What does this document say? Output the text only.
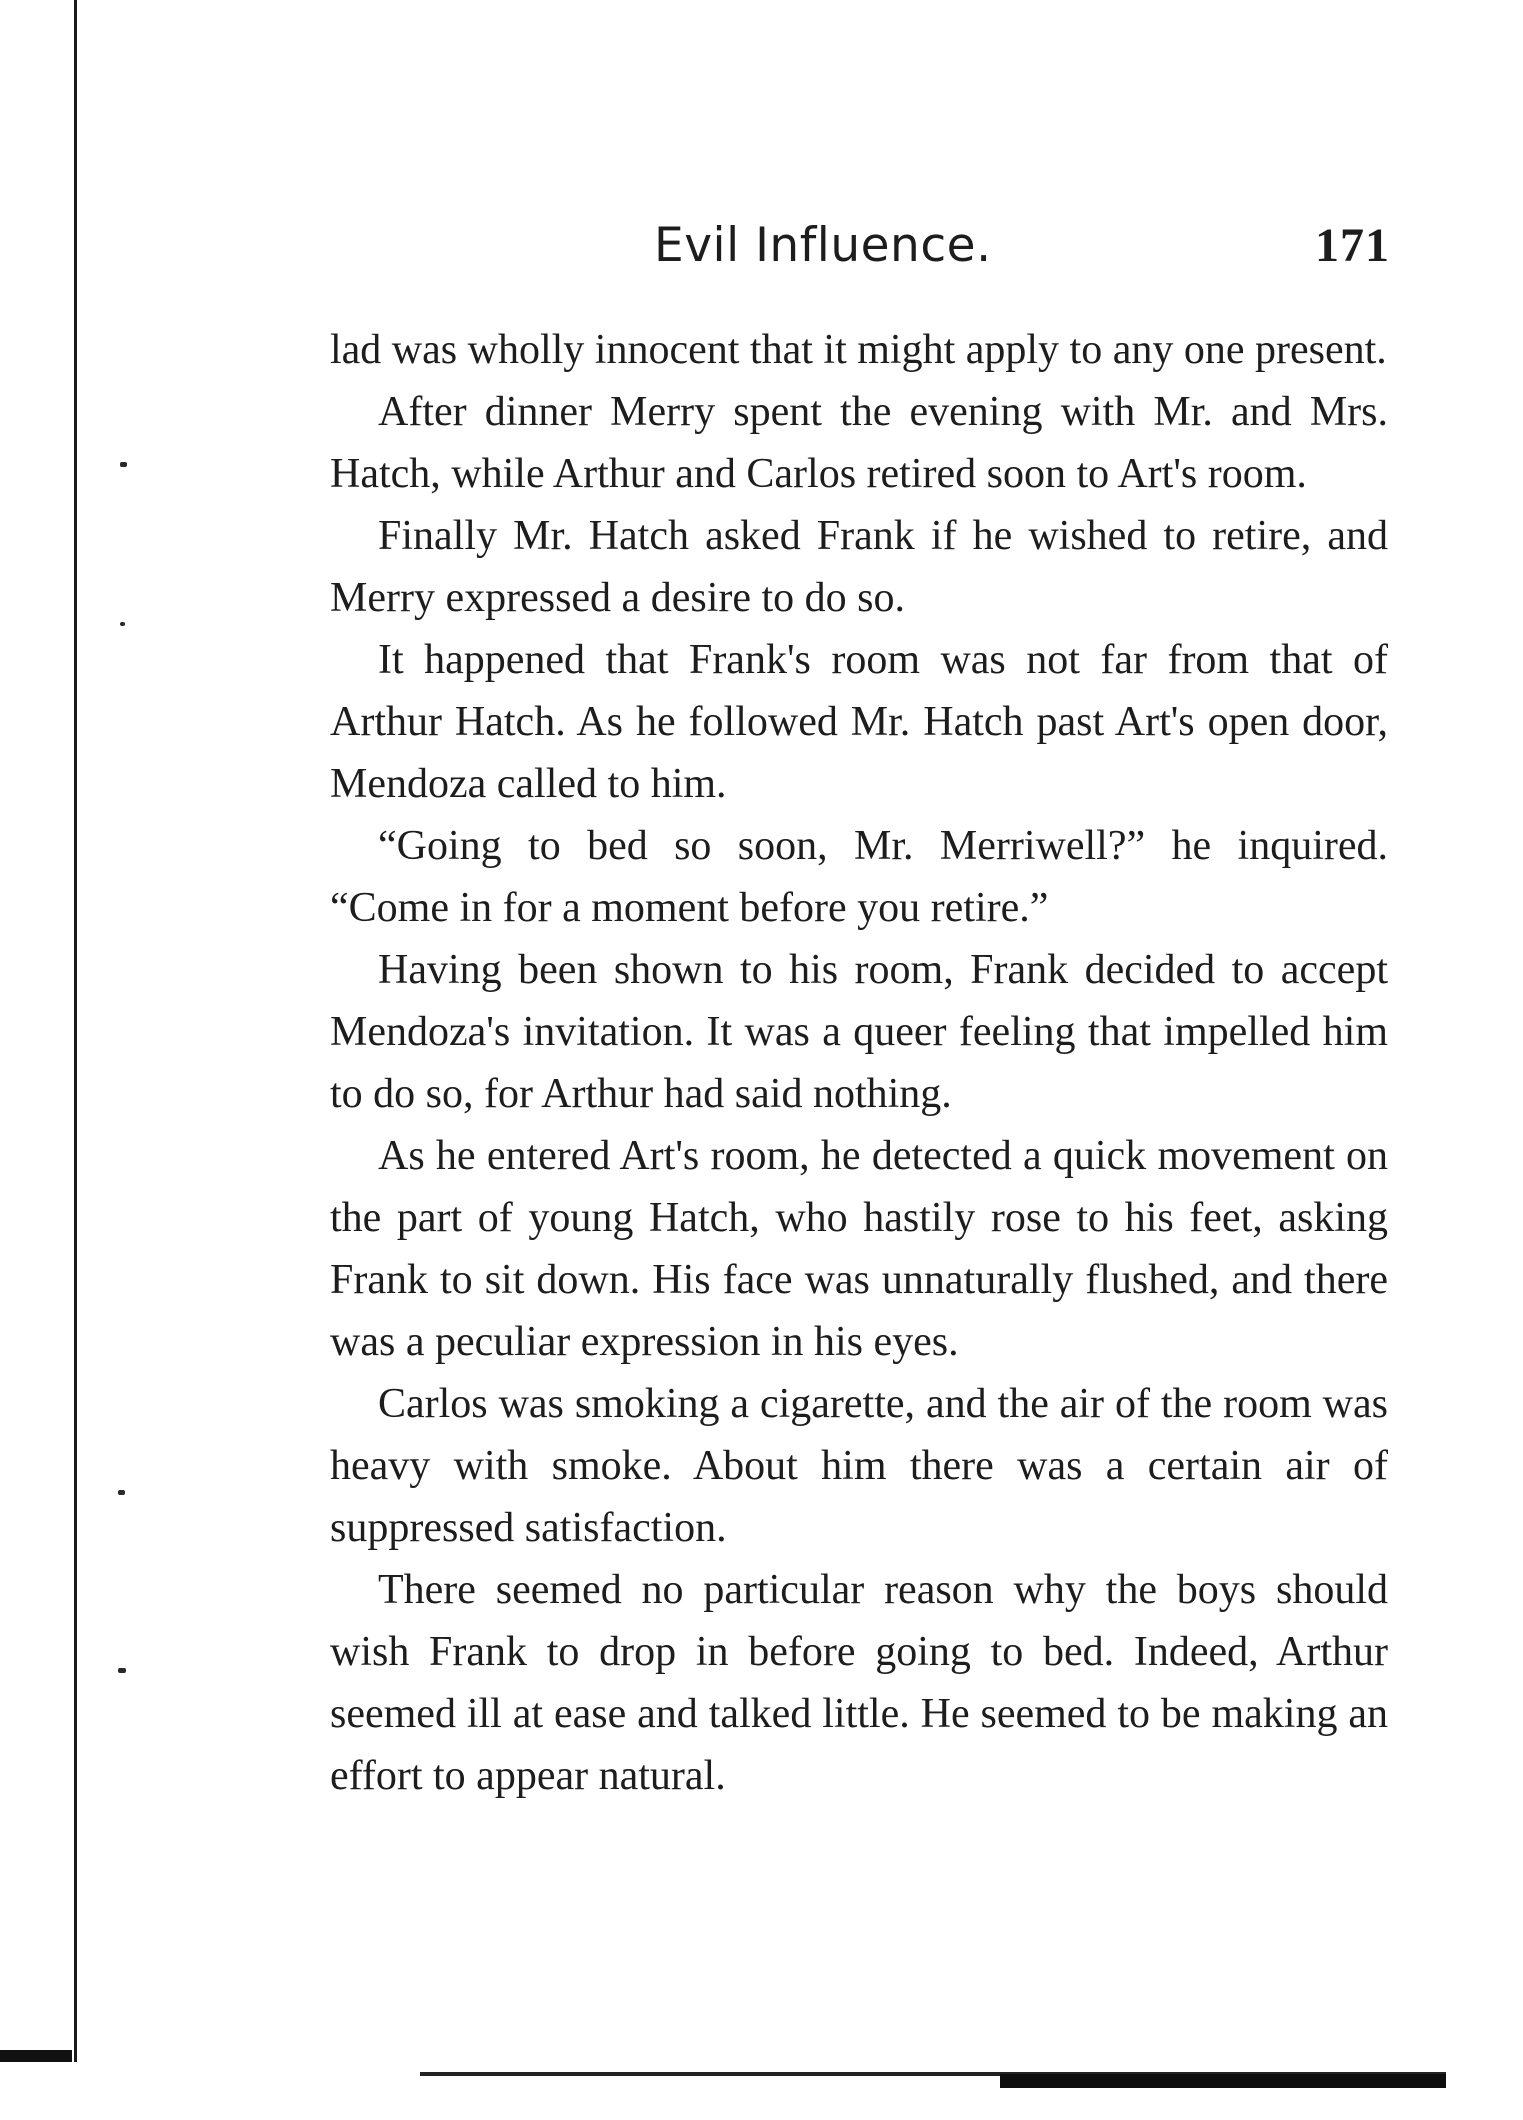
Evil Influence.	171

lad was wholly innocent that it might apply to any one present.

After dinner Merry spent the evening with Mr. and Mrs. Hatch, while Arthur and Carlos retired soon to Art's room.

Finally Mr. Hatch asked Frank if he wished to retire, and Merry expressed a desire to do so.

It happened that Frank's room was not far from that of Arthur Hatch. As he followed Mr. Hatch past Art's open door, Mendoza called to him.

“Going to bed so soon, Mr. Merriwell?” he inquired. “Come in for a moment before you retire.”

Having been shown to his room, Frank decided to accept Mendoza's invitation. It was a queer feeling that impelled him to do so, for Arthur had said nothing.

As he entered Art's room, he detected a quick movement on the part of young Hatch, who hastily rose to his feet, asking Frank to sit down. His face was unnaturally flushed, and there was a peculiar expression in his eyes.

Carlos was smoking a cigarette, and the air of the room was heavy with smoke. About him there was a certain air of suppressed satisfaction.

There seemed no particular reason why the boys should wish Frank to drop in before going to bed. Indeed, Arthur seemed ill at ease and talked little. He seemed to be making an effort to appear natural.
